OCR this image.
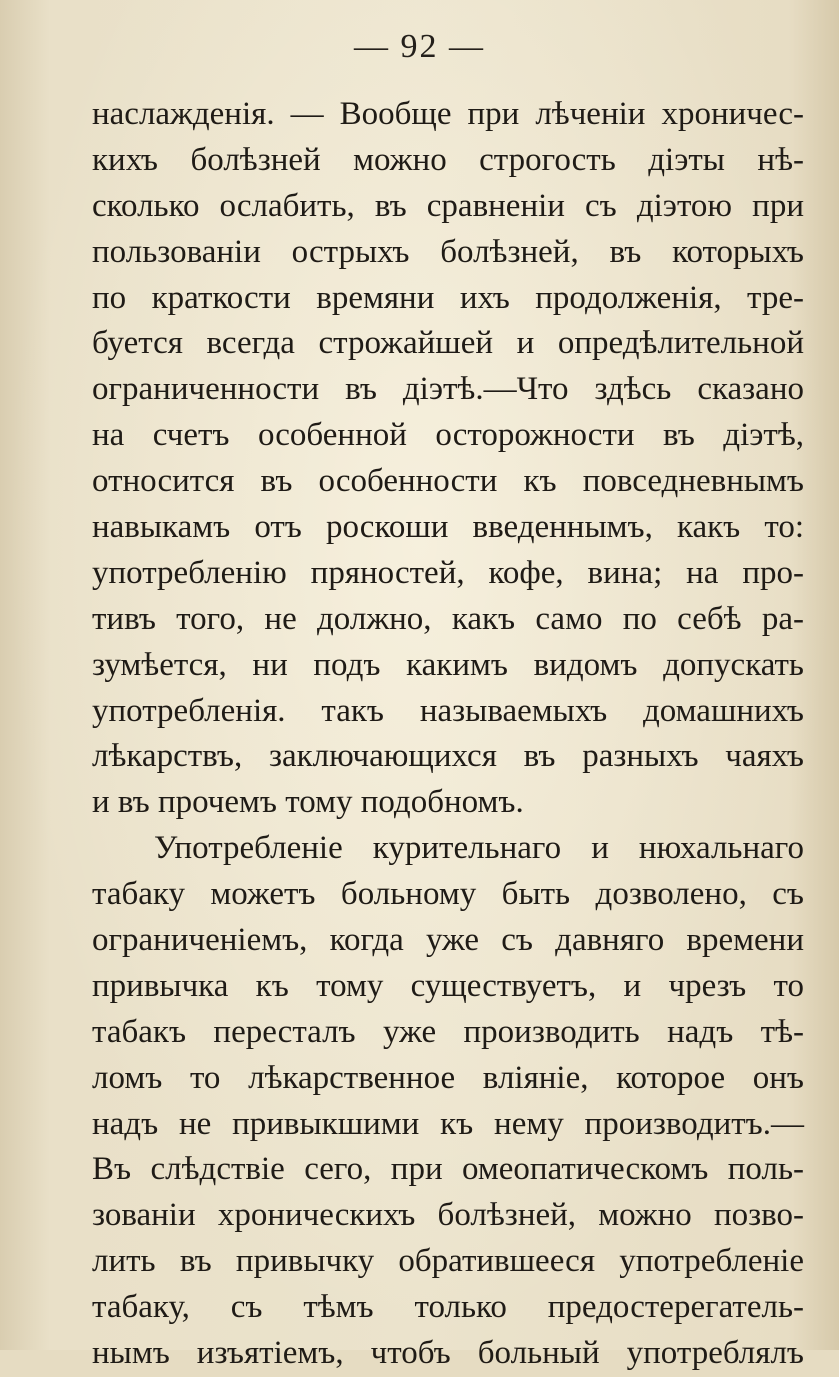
— 92 —
наслажденія. — Вообще при лѣченіи хроничес-
кихъ болѣзней можно строгость діэты нѣ-
сколько ослабить, въ сравненіи съ діэтою при
пользованіи острыхъ болѣзней, въ которыхъ
по краткости времяни ихъ продолженія, тре-
буется всегда строжайшей и опредѣлительной
ограниченности въ діэтѣ.—Что здѣсь сказано
на счетъ особенной осторожности въ діэтѣ,
относится въ особенности къ повседневнымъ
навыкамъ отъ роскоши введеннымъ, какъ то:
употребленію пряностей, кофе, вина; на про-
тивъ того, не должно, какъ само по себѣ ра-
зумѣется, ни подъ какимъ видомъ допускать
употребленія. такъ называемыхъ домашнихъ
лѣкарствъ, заключающихся въ разныхъ чаяхъ
и въ прочемъ тому подобномъ.
Употребленіе курительнаго и нюхальнаго
табаку можетъ больному быть дозволено, съ
ограниченіемъ, когда уже съ давняго времени
привычка къ тому существуетъ, и чрезъ то
табакъ пересталъ уже производить надъ тѣ-
ломъ то лѣкарственное вліяніе, которое онъ
надъ не привыкшими къ нему производитъ.—
Въ слѣдствіе сего, при омеопатическомъ поль-
зованіи хроническихъ болѣзней, можно позво-
лить въ привычку обратившееся употребленіе
табаку, съ тѣмъ только предостерегатель-
нымъ изъятіемъ, чтобъ больный употреблялъ
